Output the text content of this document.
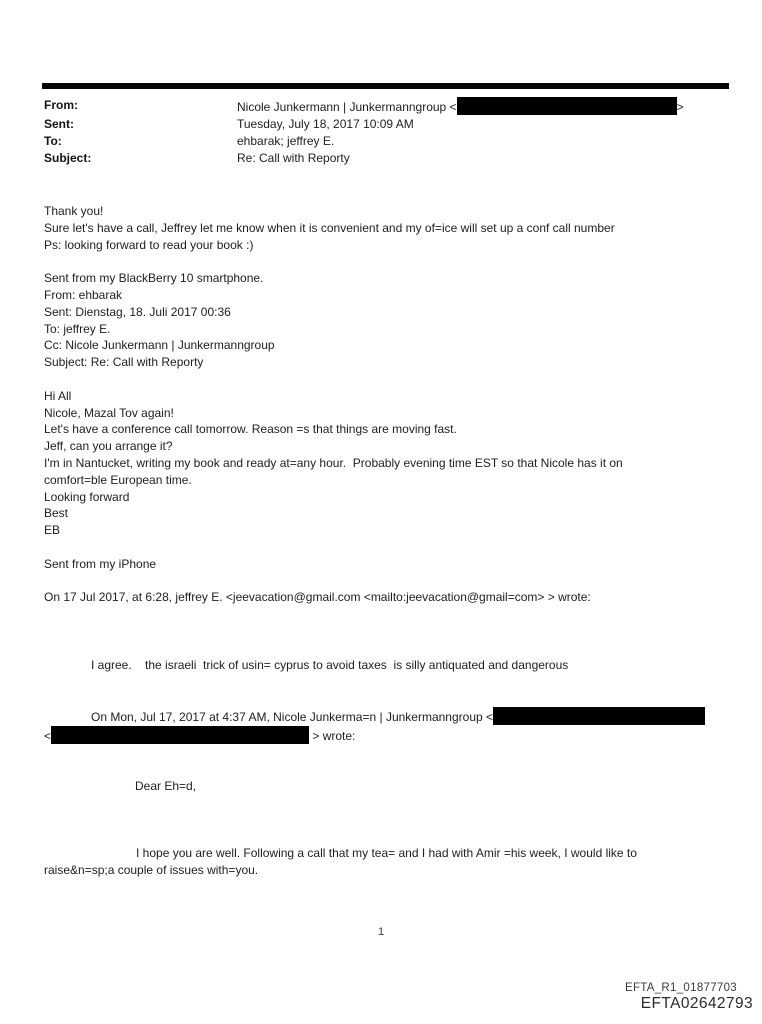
From:	Nicole Junkermann | Junkermanngroup <	>
Sent:	Tuesday, July 18, 2017 10:09 AM
To:	ehbarak; jeffrey E.
Subject:	Re: Call with Reporty
Thank you!
Sure let's have a call, Jeffrey let me know when it is convenient and my of=ice will set up a conf call number
Ps: looking forward to read your book :)
Sent from my BlackBerry 10 smartphone.
From: ehbarak
Sent: Dienstag, 18. Juli 2017 00:36
To: jeffrey E.
Cc: Nicole Junkermann | Junkermanngroup
Subject: Re: Call with Reporty
Hi All
Nicole, Mazal Tov again!
Let's have a conference call tomorrow. Reason =s that things are moving fast.
Jeff, can you arrange it?
I'm in Nantucket, writing my book and ready at=any hour.  Probably evening time EST so that Nicole has it on
comfort=ble European time.
Looking forward
Best
EB
Sent from my iPhone
On 17 Jul 2017, at 6:28, jeffrey E. <jeevacation@gmail.com <mailto:jeevacation@gmail=com> > wrote:
I agree.    the israeli  trick of usin= cyprus to avoid taxes  is silly antiquated and dangerous
On Mon, Jul 17, 2017 at 4:37 AM, Nicole Junkerma=n | Junkermanngroup <
<	> wrote:
Dear Eh=d,
I hope you are well. Following a call that my tea= and I had with Amir =his week, I would like to
raise&n=sp;a couple of issues with=you.
1
EFTA_R1_01877703
EFTA02642793
